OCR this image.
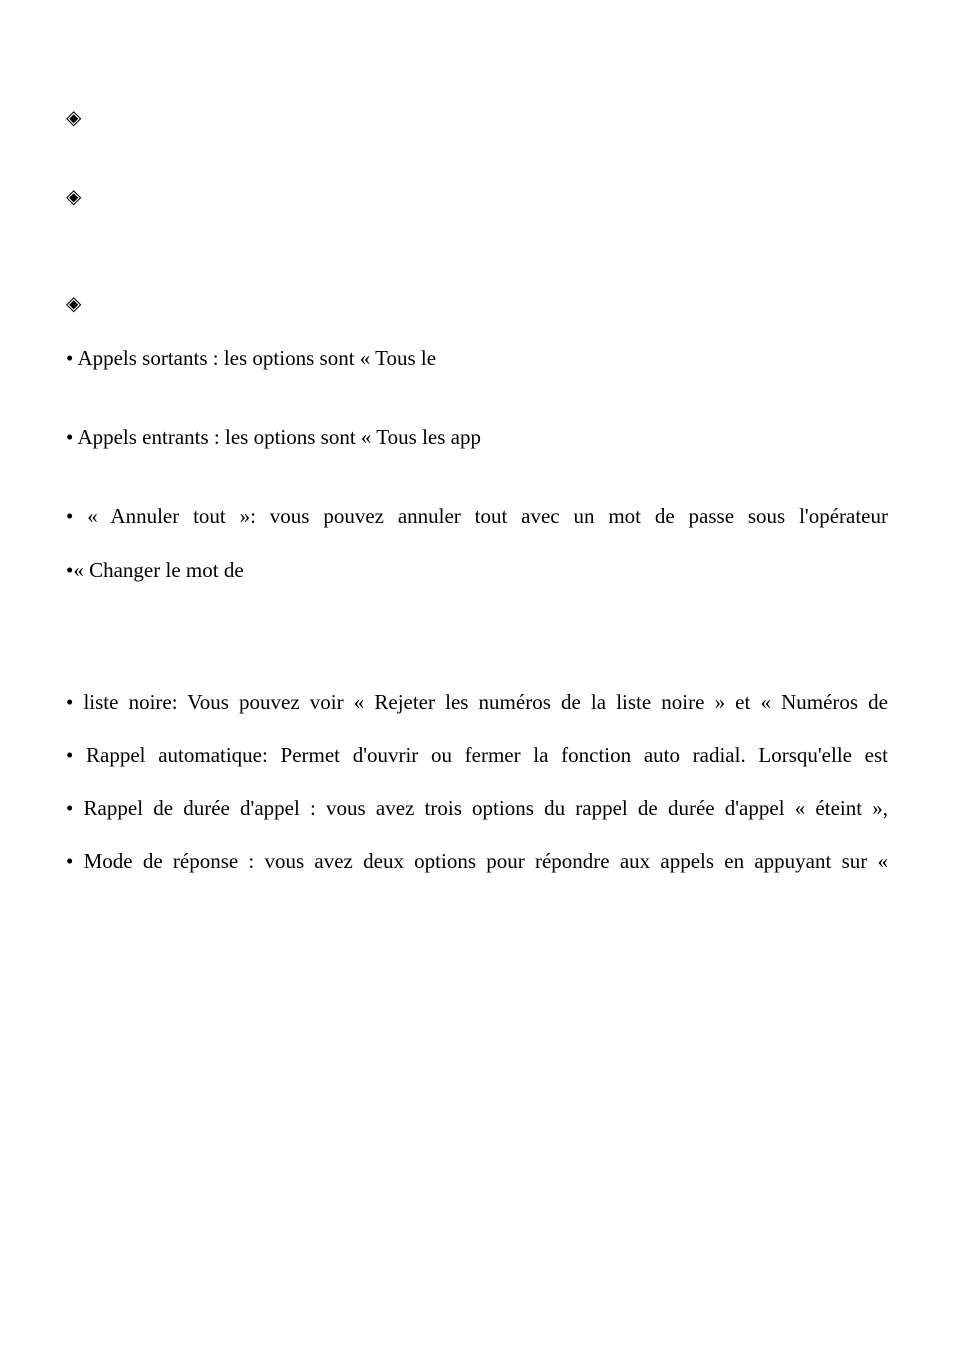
◈
◈
◈
• Appels sortants : les options sont « Tous le
• Appels entrants : les options sont « Tous les app
• « Annuler tout »: vous pouvez annuler tout avec un mot de passe sous l'opérateur
•« Changer le mot de
• liste noire: Vous pouvez voir « Rejeter les numéros de la liste noire » et « Numéros de
• Rappel automatique: Permet d'ouvrir ou fermer la fonction auto radial. Lorsqu'elle est
• Rappel de durée d'appel : vous avez trois options du rappel de durée d'appel « éteint »,
• Mode de réponse : vous avez deux options pour répondre aux appels en appuyant sur «
